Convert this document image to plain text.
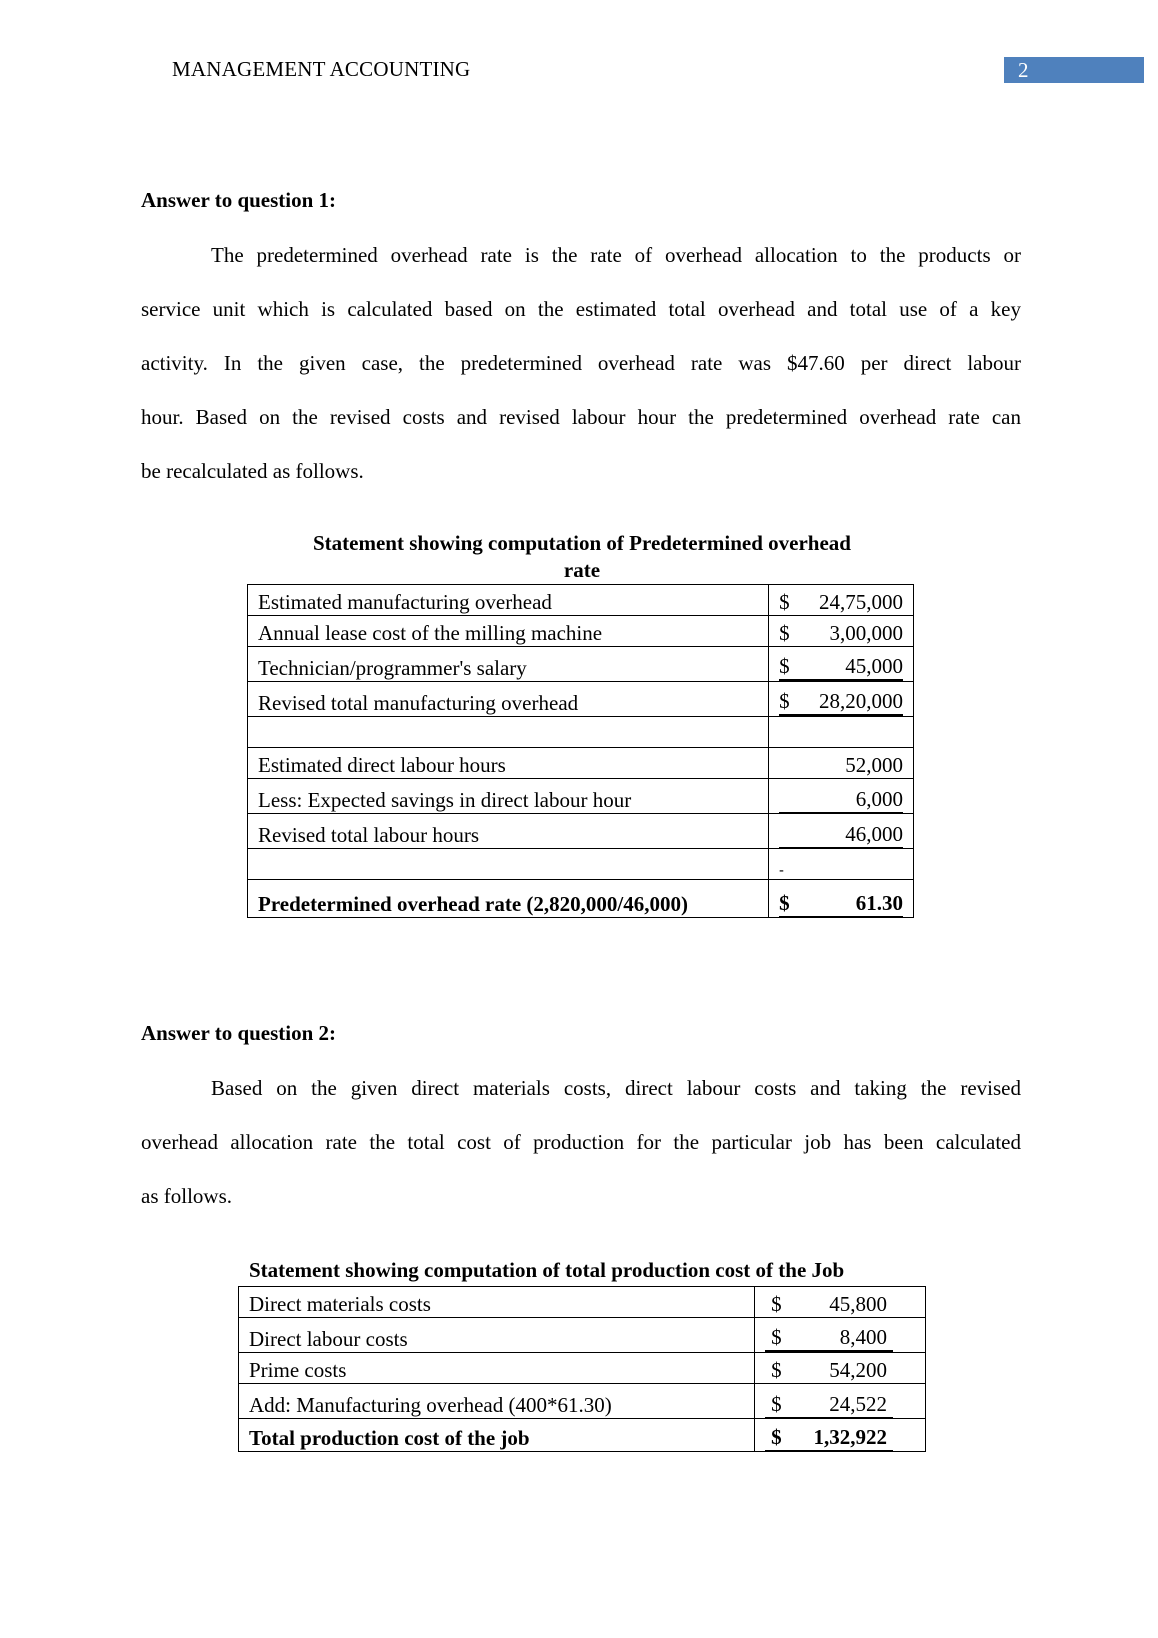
MANAGEMENT ACCOUNTING	2
Answer to question 1:
The predetermined overhead rate is the rate of overhead allocation to the products or
service unit which is calculated based on the estimated total overhead and total use of a key
activity. In the given case, the predetermined overhead rate was $47.60 per direct labour
hour. Based on the revised costs and revised labour hour the predetermined overhead rate can
be recalculated as follows.
Statement showing computation of Predetermined overhead
rate
Estimated manufacturing overhead	$ 24,75,000

Annual lease cost of the milling machine	$ 3,00,000

Technician/programmer's salary	$ 45,000

Revised total manufacturing overhead	$ 28,20,000

Estimated direct labour hours	52,000
Less: Expected savings in direct labour hour	6,000

Revised total labour hours	46,000

	-
Predetermined overhead rate (2,820,000/46,000)	$ 61.30
Answer to question 2:
Based on the given direct materials costs, direct labour costs and taking the revised
overhead allocation rate the total cost of production for the particular job has been calculated
as follows.
Statement showing computation of total production cost of the Job
Direct materials costs	$ 45,800

Direct labour costs	$ 8,400

Prime costs	$ 54,200

Add: Manufacturing overhead (400*61.30)	$ 24,522

Total production cost of the job	$ 1,32,922
